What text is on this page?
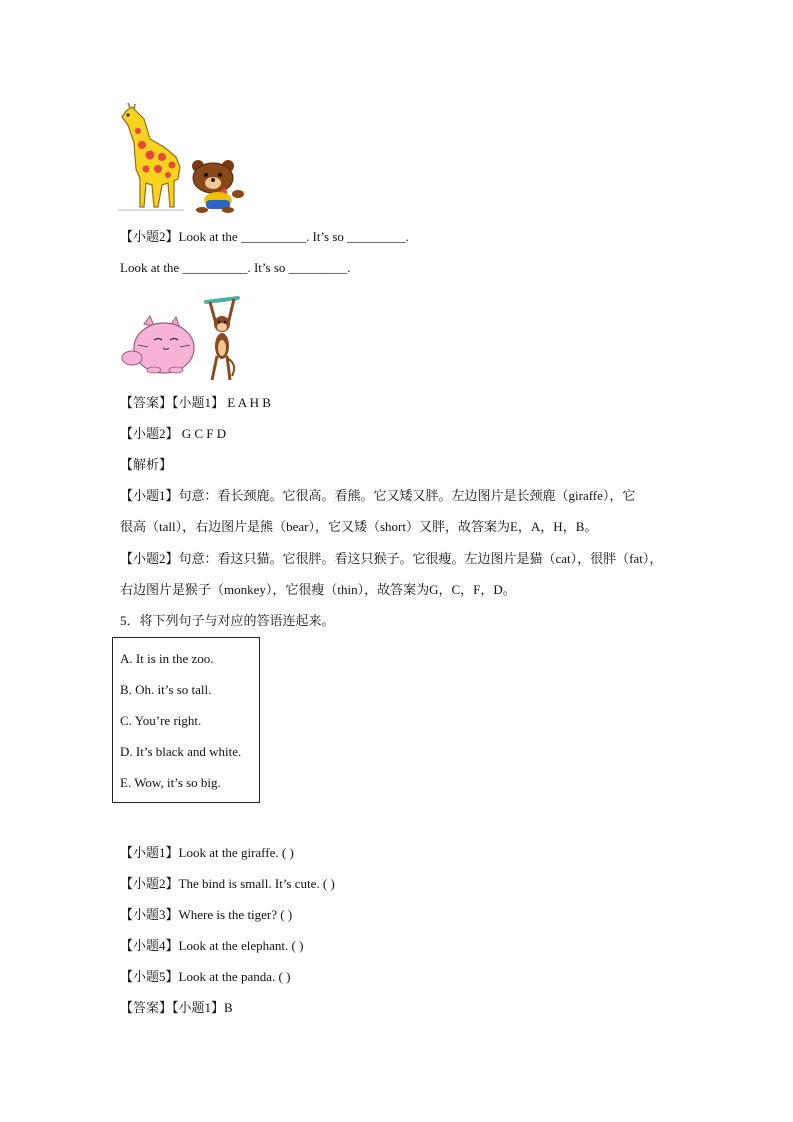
【小题2】Look at the __________. It’s so _________.
Look at the __________. It’s so _________.
【答案】【小题1】 E A H B
【小题2】 G C F D
【解析】
【小题1】句意：看长颈鹿。它很高。看熊。它又矮又胖。左边图片是长颈鹿（giraffe），它
很高（tall），右边图片是熊（bear），它又矮（short）又胖，故答案为E，A，H，B。
【小题2】句意：看这只猫。它很胖。看这只猴子。它很瘦。左边图片是猫（cat），很胖（fat），
右边图片是猴子（monkey），它很瘦（thin），故答案为G，C，F，D。
5．将下列句子与对应的答语连起来。
A. It is in the zoo.
B. Oh. it’s so tall.
C. You’re right.
D. It’s black and white.
E. Wow, it’s so big.
【小题1】Look at the giraffe. ( )
【小题2】The bind is small. It’s cute. ( )
【小题3】Where is the tiger? ( )
【小题4】Look at the elephant. ( )
【小题5】Look at the panda. ( )
【答案】【小题1】B
